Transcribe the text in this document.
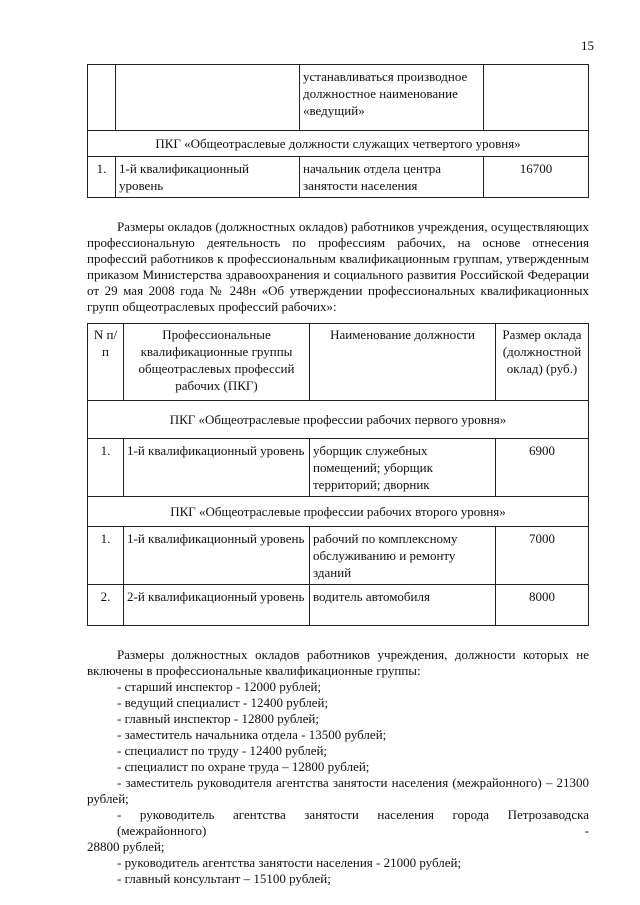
15
		устанавливаться производное должностное наименование «ведущий»	
ПКГ «Общеотраслевые должности служащих четвертого уровня»			
1.	1-й квалификационный уровень	начальник отдела центра занятости населения	16700

Размеры окладов (должностных окладов) работников учреждения, осуществляющих профессиональную деятельность по профессиям рабочих, на основе отнесения профессий работников к профессиональным квалификационным группам, утвержденным приказом Министерства здравоохранения и социального развития Российской Федерации от 29 мая 2008 года № 248н «Об утверждении профессиональных квалификационных групп общеотраслевых профессий рабочих»:

N п/п	Профессиональные квалификационные группы общеотраслевых профессий рабочих (ПКГ)	Наименование должности	Размер оклада (должностной оклад) (руб.)
ПКГ «Общеотраслевые профессии рабочих первого уровня»			
1.	1-й квалификационный уровень	уборщик служебных помещений; уборщик территорий; дворник	6900
ПКГ «Общеотраслевые профессии рабочих второго уровня»			
1.	1-й квалификационный уровень	рабочий по комплексному обслуживанию и ремонту зданий	7000
2.	2-й квалификационный уровень	водитель автомобиля	8000

Размеры должностных окладов работников учреждения, должности которых не включены в профессиональные квалификационные группы:

- старший инспектор - 12000 рублей;
- ведущий специалист - 12400 рублей;
- главный инспектор - 12800 рублей;
- заместитель начальника отдела - 13500 рублей;
- специалист по труду - 12400 рублей;
- специалист по охране труда – 12800 рублей;
- заместитель руководителя агентства занятости населения (межрайонного) – 21300
рублей;
- руководитель агентства занятости населения города Петрозаводска (межрайонного) -
28800 рублей;
- руководитель агентства занятости населения - 21000 рублей;
- главный консультант – 15100 рублей;
